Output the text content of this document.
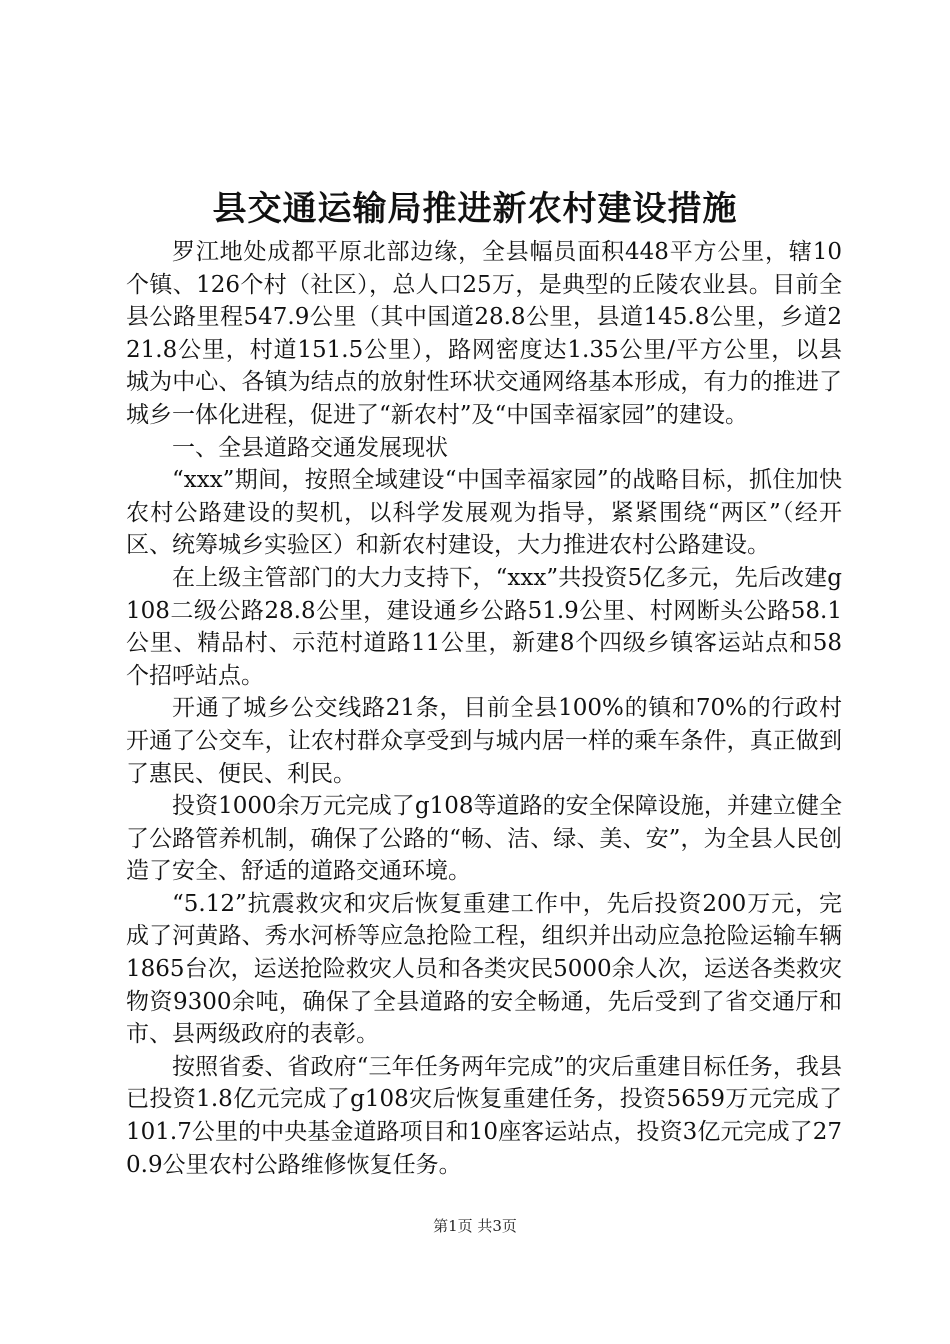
县交通运输局推进新农村建设措施

罗江地处成都平原北部边缘，全县幅员面积448平方公里，辖10个镇、126个村（社区），总人口25万，是典型的丘陵农业县。目前全县公路里程547.9公里（其中国道28.8公里，县道145.8公里，乡道221.8公里，村道151.5公里），路网密度达1.35公里/平方公里，以县城为中心、各镇为结点的放射性环状交通网络基本形成，有力的推进了城乡一体化进程，促进了“新农村”及“中国幸福家园”的建设。

一、全县道路交通发展现状

“xxx”期间，按照全域建设“中国幸福家园”的战略目标，抓住加快农村公路建设的契机，以科学发展观为指导，紧紧围绕“两区”（经开区、统筹城乡实验区）和新农村建设，大力推进农村公路建设。

在上级主管部门的大力支持下，“xxx”共投资5亿多元，先后改建g108二级公路28.8公里，建设通乡公路51.9公里、村网断头公路58.1公里、精品村、示范村道路11公里，新建8个四级乡镇客运站点和58个招呼站点。

开通了城乡公交线路21条，目前全县100%的镇和70%的行政村开通了公交车，让农村群众享受到与城内居一样的乘车条件，真正做到了惠民、便民、利民。

投资1000余万元完成了g108等道路的安全保障设施，并建立健全了公路管养机制，确保了公路的“畅、洁、绿、美、安”，为全县人民创造了安全、舒适的道路交通环境。

“5.12”抗震救灾和灾后恢复重建工作中，先后投资200万元，完成了河黄路、秀水河桥等应急抢险工程，组织并出动应急抢险运输车辆1865台次，运送抢险救灾人员和各类灾民5000余人次，运送各类救灾物资9300余吨，确保了全县道路的安全畅通，先后受到了省交通厅和市、县两级政府的表彰。

按照省委、省政府“三年任务两年完成”的灾后重建目标任务，我县已投资1.8亿元完成了g108灾后恢复重建任务，投资5659万元完成了101.7公里的中央基金道路项目和10座客运站点，投资3亿元完成了270.9公里农村公路维修恢复任务。

第1页 共3页
